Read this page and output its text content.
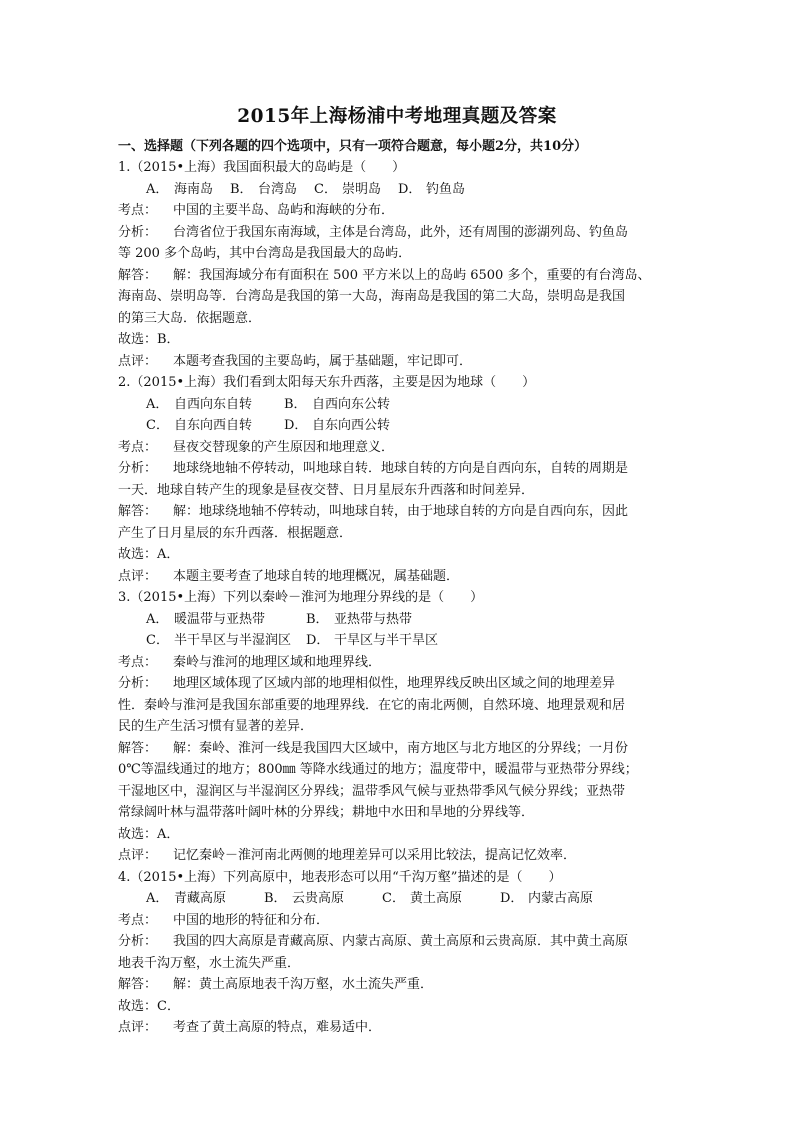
2015年上海杨浦中考地理真题及答案
一、选择题（下列各题的四个选项中，只有一项符合题意，每小题2分，共10分）
1.（2015•上海）我国面积最大的岛屿是（　　）
A． 海南岛 B． 台湾岛 C． 崇明岛 D． 钓鱼岛
考点： 中国的主要半岛、岛屿和海峡的分布．
分析： 台湾省位于我国东南海域，主体是台湾岛，此外，还有周围的澎湖列岛、钓鱼岛
等 200 多个岛屿，其中台湾岛是我国最大的岛屿．
解答： 解：我国海域分布有面积在 500 平方米以上的岛屿 6500 多个，重要的有台湾岛、
海南岛、崇明岛等．台湾岛是我国的第一大岛，海南岛是我国的第二大岛，崇明岛是我国
的第三大岛．依据题意．
故选：B．
点评： 本题考查我国的主要岛屿，属于基础题，牢记即可．
2.（2015•上海）我们看到太阳每天东升西落，主要是因为地球（　　）
A． 自西向东自转 B． 自西向东公转
C． 自东向西自转 D． 自东向西公转
考点： 昼夜交替现象的产生原因和地理意义．
分析： 地球绕地轴不停转动，叫地球自转．地球自转的方向是自西向东，自转的周期是
一天．地球自转产生的现象是昼夜交替、日月星辰东升西落和时间差异．
解答： 解：地球绕地轴不停转动，叫地球自转，由于地球自转的方向是自西向东，因此
产生了日月星辰的东升西落．根据题意．
故选：A．
点评： 本题主要考查了地球自转的地理概况，属基础题．
3.（2015•上海）下列以秦岭－淮河为地理分界线的是（　　）
A． 暖温带与亚热带	B． 亚热带与热带
C． 半干旱区与半湿润区 D． 干旱区与半干旱区
考点： 秦岭与淮河的地理区域和地理界线．
分析： 地理区域体现了区域内部的地理相似性，地理界线反映出区域之间的地理差异
性．秦岭与淮河是我国东部重要的地理界线．在它的南北两侧，自然环境、地理景观和居
民的生产生活习惯有显著的差异．
解答： 解：秦岭、淮河一线是我国四大区域中，南方地区与北方地区的分界线；一月份
0℃等温线通过的地方；800㎜ 等降水线通过的地方；温度带中，暖温带与亚热带分界线；
干湿地区中，湿润区与半湿润区分界线；温带季风气候与亚热带季风气候分界线；亚热带
常绿阔叶林与温带落叶阔叶林的分界线；耕地中水田和旱地的分界线等．
故选：A．
点评： 记忆秦岭－淮河南北两侧的地理差异可以采用比较法，提高记忆效率．
4.（2015•上海）下列高原中，地表形态可以用“千沟万壑”描述的是（　　）
A． 青藏高原	B． 云贵高原	C． 黄土高原	D． 内蒙古高原
考点： 中国的地形的特征和分布．
分析： 我国的四大高原是青藏高原、内蒙古高原、黄土高原和云贵高原．其中黄土高原
地表千沟万壑，水土流失严重．
解答： 解：黄土高原地表千沟万壑，水土流失严重．
故选：C．
点评： 考查了黄土高原的特点，难易适中．
